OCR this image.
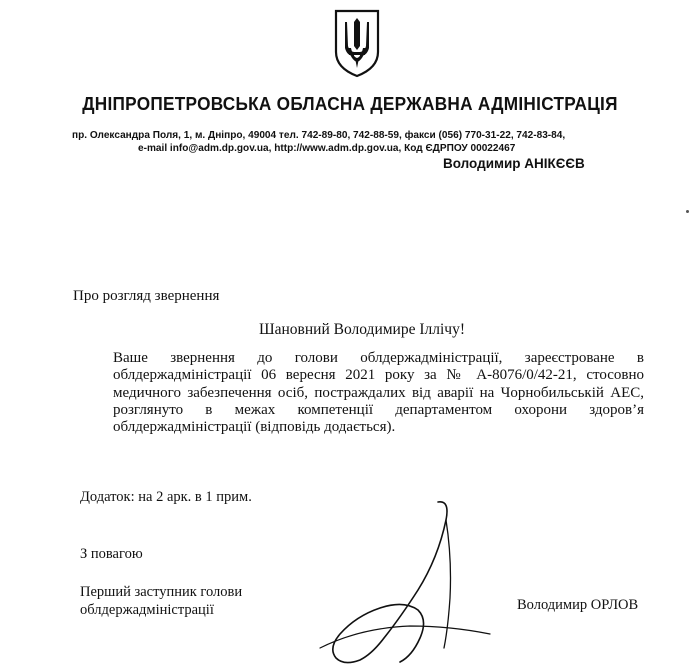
ДНІПРОПЕТРОВСЬКА ОБЛАСНА ДЕРЖАВНА АДМІНІСТРАЦІЯ
пр. Олександра Поля, 1, м. Дніпро, 49004 тел. 742-89-80, 742-88-59, факси (056) 770-31-22, 742-83-84,
e-mail info@adm.dp.gov.ua, http://www.adm.dp.gov.ua, Код ЄДРПОУ 00022467
Володимир АНІКЄЄВ
Про розгляд звернення
Шановний Володимире Іллічу!
Ваше звернення до голови облдержадміністрації, зареєстроване в
облдержадміністрації 06 вересня 2021 року за № А-8076/0/42-21, стосовно
медичного забезпечення осіб, постраждалих від аварії на Чорнобильській АЕС,
розглянуто в межах компетенції департаментом охорони здоров’я
облдержадміністрації (відповідь додається).
Додаток: на 2 арк. в 1 прим.
З повагою
Перший заступник голови
облдержадміністрації	Володимир ОРЛОВ
